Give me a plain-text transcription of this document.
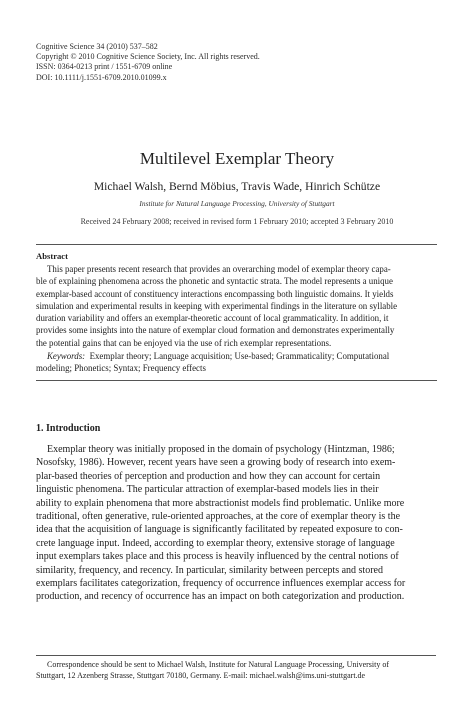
Cognitive Science 34 (2010) 537–582
Copyright © 2010 Cognitive Science Society, Inc. All rights reserved.
ISSN: 0364-0213 print / 1551-6709 online
DOI: 10.1111/j.1551-6709.2010.01099.x
Multilevel Exemplar Theory
Michael Walsh, Bernd Möbius, Travis Wade, Hinrich Schütze
Institute for Natural Language Processing, University of Stuttgart
Received 24 February 2008; received in revised form 1 February 2010; accepted 3 February 2010
Abstract
This paper presents recent research that provides an overarching model of exemplar theory capa-
ble of explaining phenomena across the phonetic and syntactic strata. The model represents a unique
exemplar-based account of constituency interactions encompassing both linguistic domains. It yields
simulation and experimental results in keeping with experimental findings in the literature on syllable
duration variability and offers an exemplar-theoretic account of local grammaticality. In addition, it
provides some insights into the nature of exemplar cloud formation and demonstrates experimentally
the potential gains that can be enjoyed via the use of rich exemplar representations.
Keywords: Exemplar theory; Language acquisition; Use-based; Grammaticality; Computational
modeling; Phonetics; Syntax; Frequency effects
1. Introduction
Exemplar theory was initially proposed in the domain of psychology (Hintzman, 1986;
Nosofsky, 1986). However, recent years have seen a growing body of research into exem-
plar-based theories of perception and production and how they can account for certain
linguistic phenomena. The particular attraction of exemplar-based models lies in their
ability to explain phenomena that more abstractionist models find problematic. Unlike more
traditional, often generative, rule-oriented approaches, at the core of exemplar theory is the
idea that the acquisition of language is significantly facilitated by repeated exposure to con-
crete language input. Indeed, according to exemplar theory, extensive storage of language
input exemplars takes place and this process is heavily influenced by the central notions of
similarity, frequency, and recency. In particular, similarity between percepts and stored
exemplars facilitates categorization, frequency of occurrence influences exemplar access for
production, and recency of occurrence has an impact on both categorization and production.
Correspondence should be sent to Michael Walsh, Institute for Natural Language Processing, University of
Stuttgart, 12 Azenberg Strasse, Stuttgart 70180, Germany. E-mail: michael.walsh@ims.uni-stuttgart.de
